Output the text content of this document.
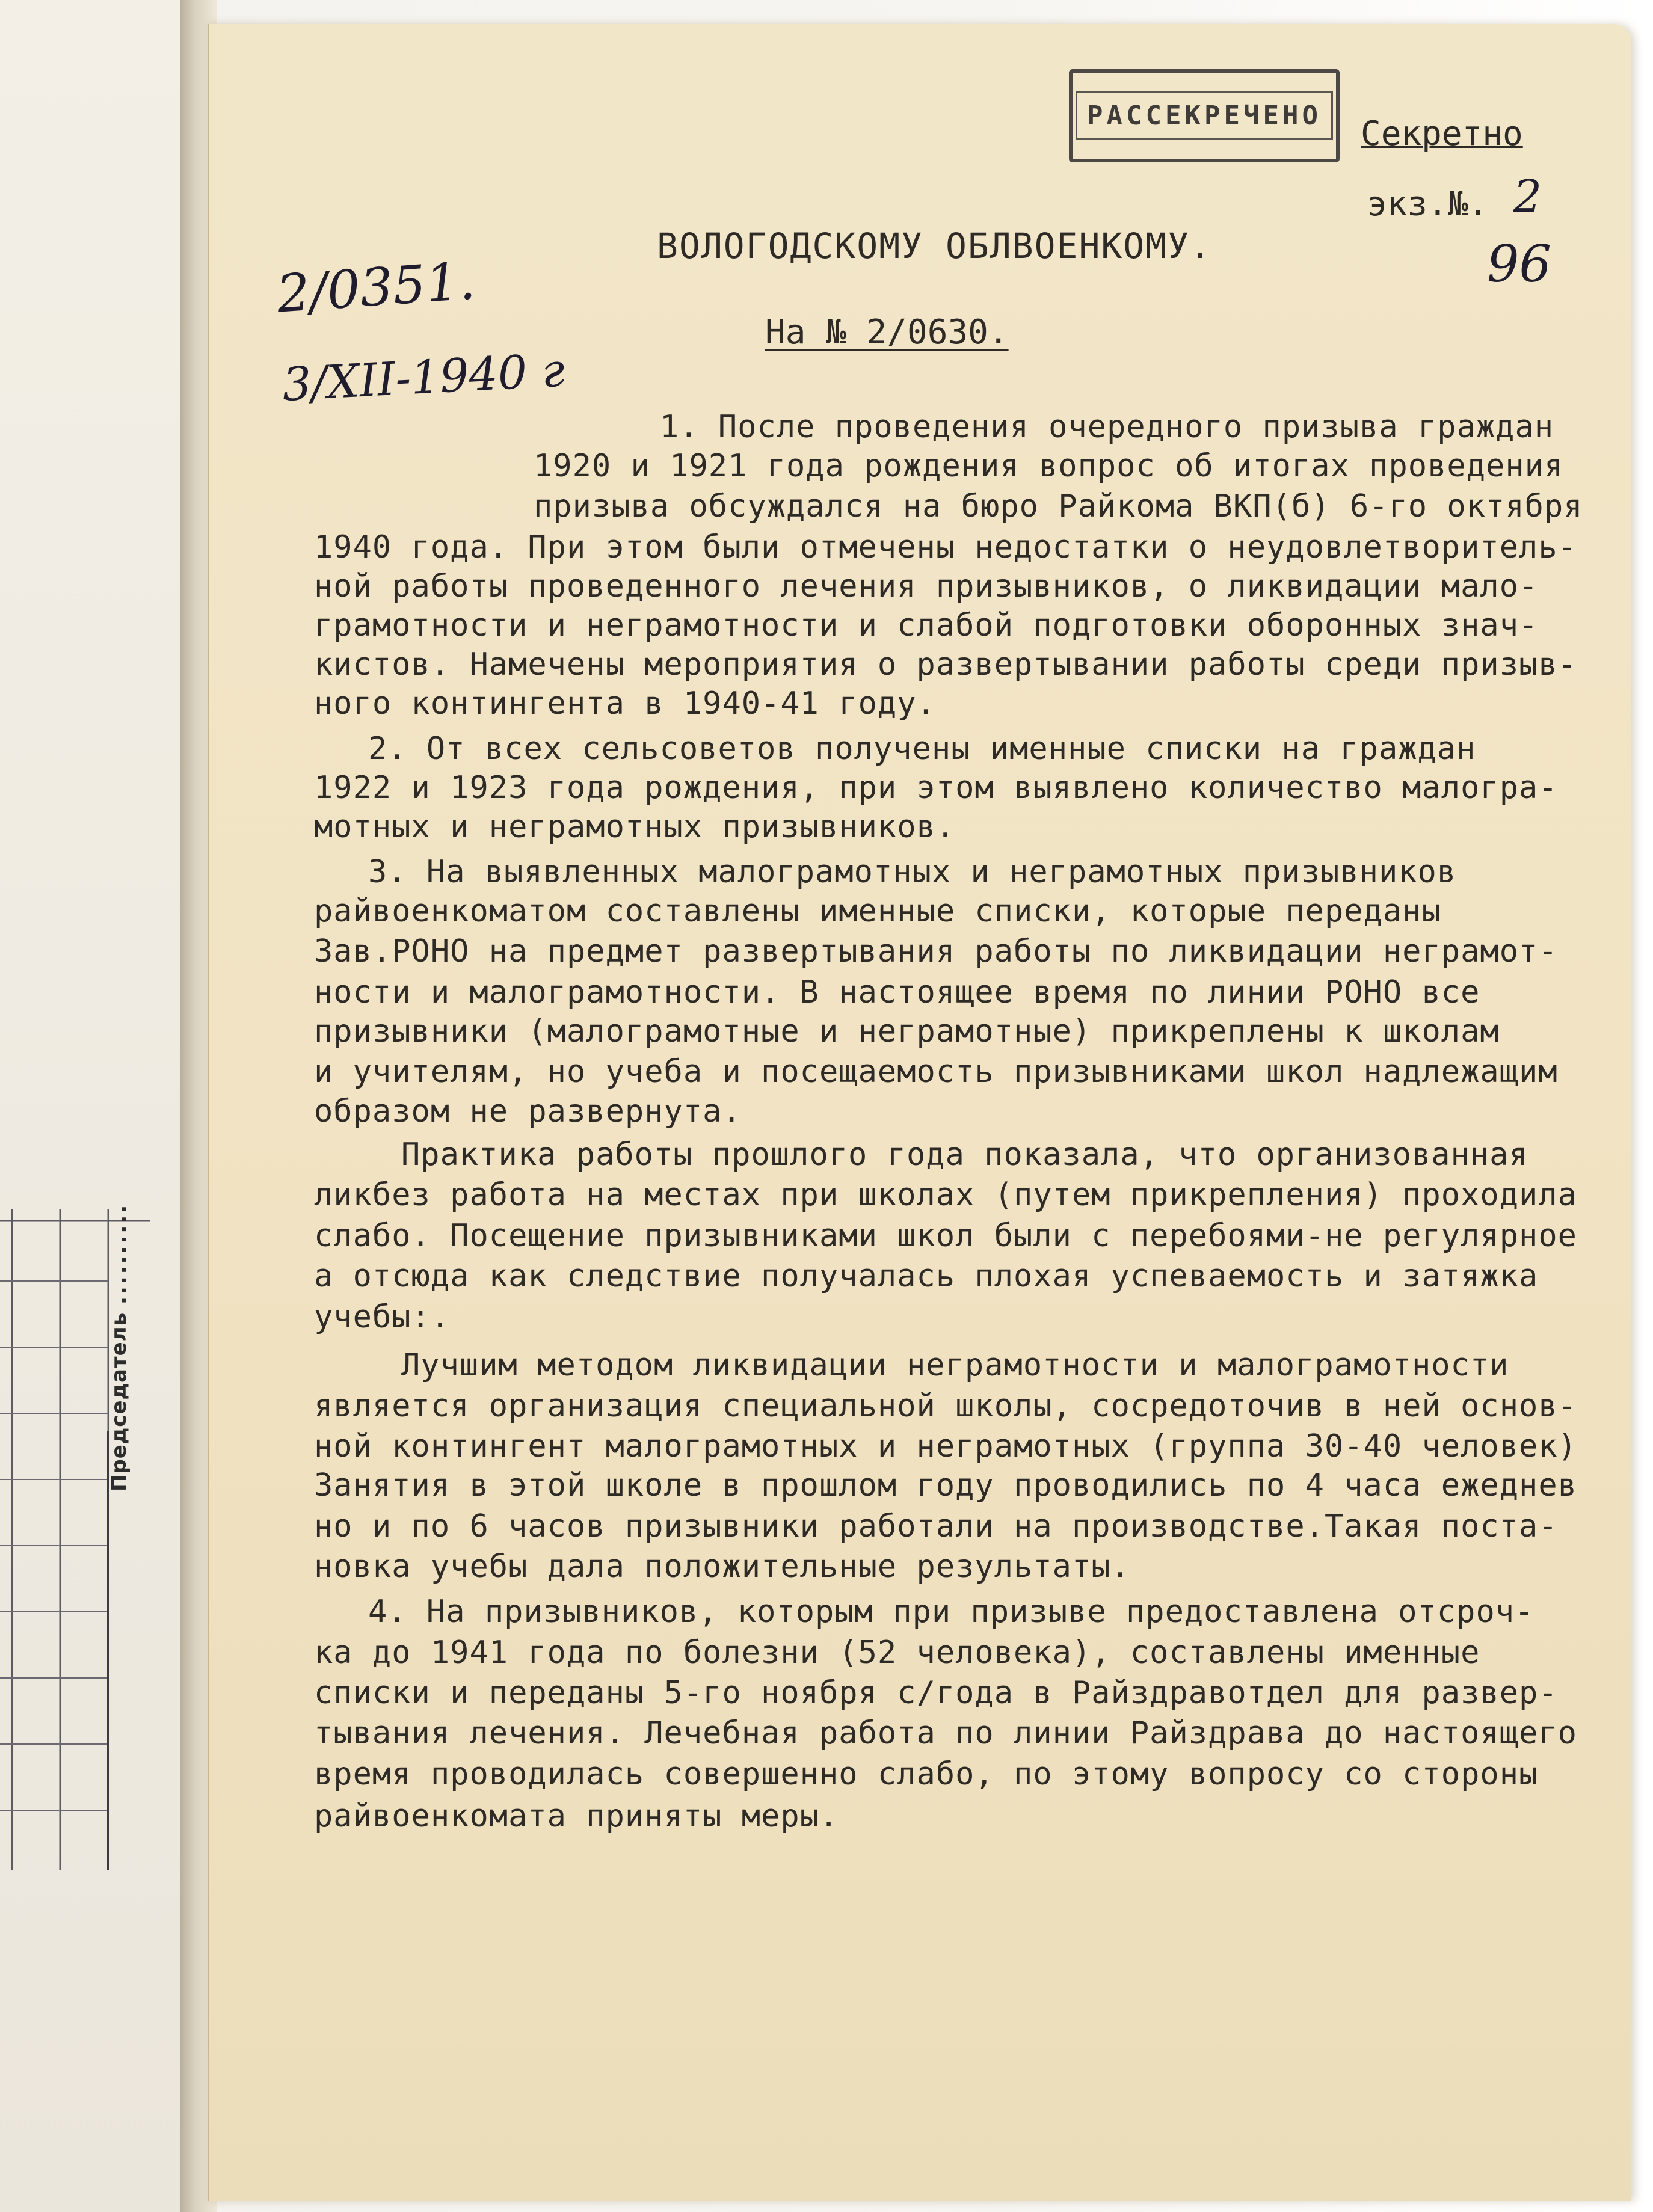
Председатель ..........
РАССЕКРЕЧЕНО	Секретно
экз.№. 2
96
2/0351.
3/XII-1940 г
ВОЛОГОДСКОМУ ОБЛВОЕНКОМУ.
На № 2/0630.
1. После проведения очередного призыва граждан
1920 и 1921 года рождения вопрос об итогах проведения
призыва обсуждался на бюро Райкома ВКП(б) 6-го октября
1940 года. При этом были отмечены недостатки о неудовлетворитель-
ной работы проведенного лечения призывников, о ликвидации мало-
грамотности и неграмотности и слабой подготовки оборонных знач-
кистов. Намечены мероприятия о развертывании работы среди призыв-
ного контингента в 1940-41 году.
2. От всех сельсоветов получены именные списки на граждан
1922 и 1923 года рождения, при этом выявлено количество малогра-
мотных и неграмотных призывников.
3. На выявленных малограмотных и неграмотных призывников
райвоенкоматом составлены именные списки, которые переданы
Зав.РОНО на предмет развертывания работы по ликвидации неграмот-
ности и малограмотности. В настоящее время по линии РОНО все
призывники (малограмотные и неграмотные) прикреплены к школам
и учителям, но учеба и посещаемость призывниками школ надлежащим
образом не развернута.
Практика работы прошлого года показала, что организованная
ликбез работа на местах при школах (путем прикрепления) проходила
слабо. Посещение призывниками школ были с перебоями-не регулярное
а отсюда как следствие получалась плохая успеваемость и затяжка
учебы:.
Лучшим методом ликвидации неграмотности и малограмотности
является организация специальной школы, сосредоточив в ней основ-
ной контингент малограмотных и неграмотных (группа 30-40 человек)
Занятия в этой школе в прошлом году проводились по 4 часа ежеднев
но и по 6 часов призывники работали на производстве.Такая поста-
новка учебы дала положительные результаты.
4. На призывников, которым при призыве предоставлена отсроч-
ка до 1941 года по болезни (52 человека), составлены именные
списки и переданы 5-го ноября с/года в Райздравотдел для развер-
тывания лечения. Лечебная работа по линии Райздрава до настоящего
время проводилась совершенно слабо, по этому вопросу со стороны
райвоенкомата приняты меры.
